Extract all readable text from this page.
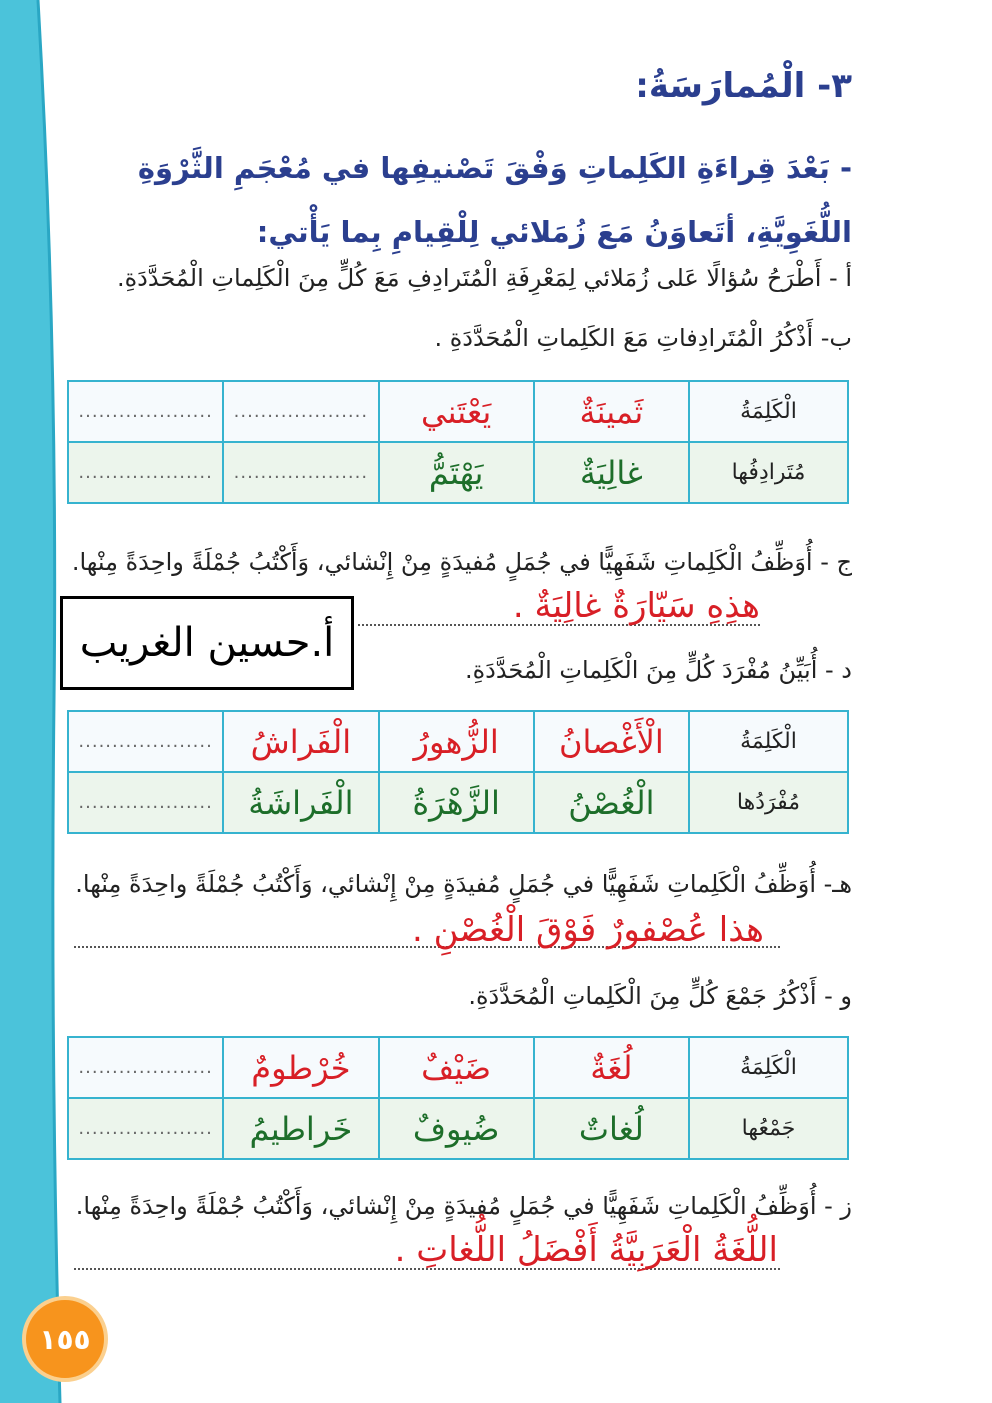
٣- الْمُمارَسَةُ:
- بَعْدَ قِراءَةِ الكَلِماتِ وَفْقَ تَصْنيفِها في مُعْجَمِ الثَّرْوَةِ اللُّغَوِيَّةِ، أتَعاوَنُ مَعَ زُمَلائي لِلْقِيامِ بِما يَأْتي:
أ - أَطْرَحُ سُؤالًا عَلى زُمَلائي لِمَعْرِفَةِ الْمُتَرادِفِ مَعَ كُلٍّ مِنَ الْكَلِماتِ الْمُحَدَّدَةِ.
ب- أَذْكُرُ الْمُتَرادِفاتِ مَعَ الكَلِماتِ الْمُحَدَّدَةِ .
الْكَلِمَةُ	ثَمينَةٌ	يَعْتَني	....................	....................
مُتَرادِفُها	غالِيَةٌ	يَهْتَمُّ	....................	....................
ج - أُوَظِّفُ الْكَلِماتِ شَفَهِيًّا في جُمَلٍ مُفيدَةٍ مِنْ إِنْشائي، وَأَكْتُبُ جُمْلَةً واحِدَةً مِنْها.
هذِهِ سَيّارَةٌ غالِيَةٌ .
أ.حسين الغريب
د - أُبَيِّنُ مُفْرَدَ كُلٍّ مِنَ الْكَلِماتِ الْمُحَدَّدَةِ.
الْكَلِمَةُ	الْأَغْصانُ	الزُّهورُ	الْفَراشُ	....................
مُفْرَدُها	الْغُصْنُ	الزَّهْرَةُ	الْفَراشَةُ	....................
هـ- أُوَظِّفُ الْكَلِماتِ شَفَهِيًّا في جُمَلٍ مُفيدَةٍ مِنْ إِنْشائي، وَأَكْتُبُ جُمْلَةً واحِدَةً مِنْها.
هذا عُصْفورٌ فَوْقَ الْغُصْنِ .
و - أَذْكُرُ جَمْعَ كُلٍّ مِنَ الْكَلِماتِ الْمُحَدَّدَةِ.
الْكَلِمَةُ	لُغَةٌ	ضَيْفٌ	خُرْطومٌ	....................
جَمْعُها	لُغاتٌ	ضُيوفٌ	خَراطيمُ	....................
ز - أُوَظِّفُ الْكَلِماتِ شَفَهِيًّا في جُمَلٍ مُفيدَةٍ مِنْ إِنْشائي، وَأَكْتُبُ جُمْلَةً واحِدَةً مِنْها.
اللُّغَةُ الْعَرَبِيَّةُ أَفْضَلُ اللُّغاتِ .
١٥٥
